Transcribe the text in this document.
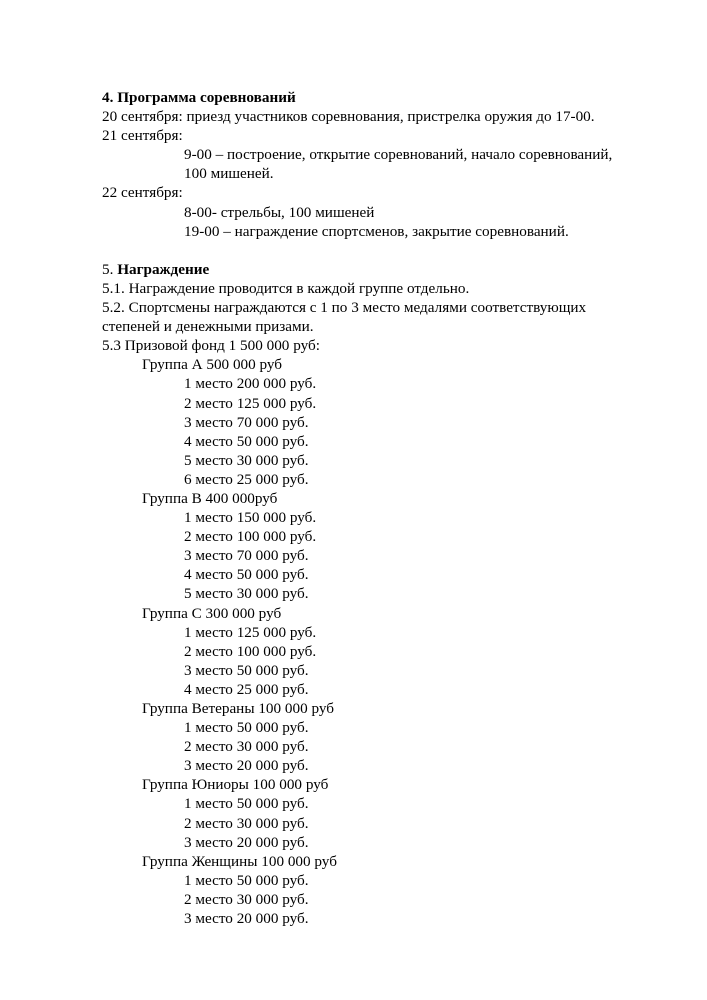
4. Программа соревнований
20 сентября: приезд участников соревнования, пристрелка оружия до 17-00.
21 сентября:
9-00 – построение, открытие соревнований, начало соревнований,
100 мишеней.
22 сентября:
8-00- стрельбы, 100 мишеней
19-00 – награждение спортсменов, закрытие соревнований.
5. Награждение
5.1. Награждение проводится в каждой группе отдельно.
5.2. Спортсмены награждаются с 1 по 3 место медалями соответствующих
степеней и денежными призами.
5.3 Призовой фонд 1 500 000 руб:
Группа А 500 000 руб
1 место 200 000 руб.
2 место 125 000 руб.
3 место 70 000 руб.
4 место 50 000 руб.
5 место 30 000 руб.
6 место 25 000 руб.
Группа В 400 000руб
1 место 150 000 руб.
2 место 100 000 руб.
3 место 70 000 руб.
4 место 50 000 руб.
5 место 30 000 руб.
Группа С 300 000 руб
1 место 125 000 руб.
2 место 100 000 руб.
3 место 50 000 руб.
4 место 25 000 руб.
Группа Ветераны 100 000 руб
1 место 50 000 руб.
2 место 30 000 руб.
3 место 20 000 руб.
Группа Юниоры 100 000 руб
1 место 50 000 руб.
2 место 30 000 руб.
3 место 20 000 руб.
Группа Женщины 100 000 руб
1 место 50 000 руб.
2 место 30 000 руб.
3 место 20 000 руб.
